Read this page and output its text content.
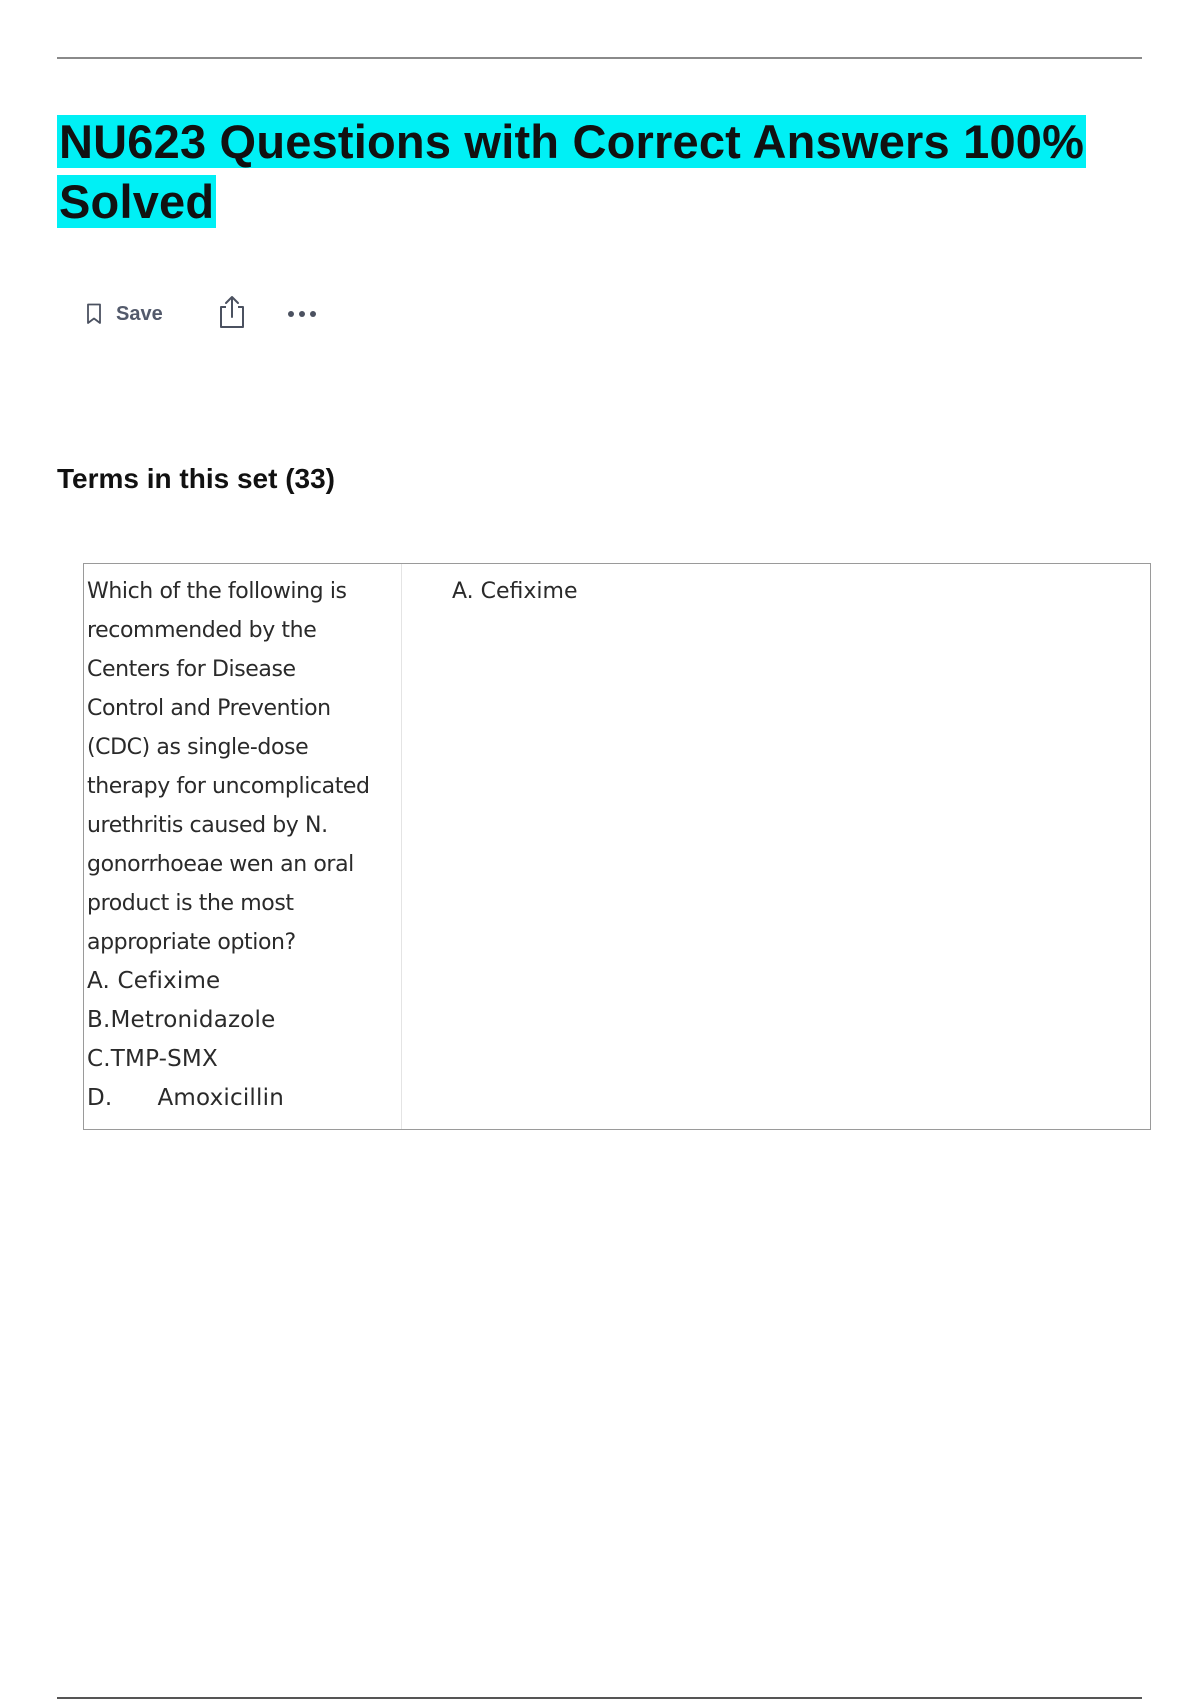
NU623 Questions with Correct Answers 100% Solved
Save
Terms in this set (33)
Which of the following is
recommended by the
Centers for Disease
Control and Prevention
(CDC) as single-dose
therapy for uncomplicated
urethritis caused by N.
gonorrhoeae wen an oral
product is the most
appropriate option?
A. Cefixime
B.Metronidazole
C.TMP-SMX
D.      Amoxicillin
A. Cefixime
